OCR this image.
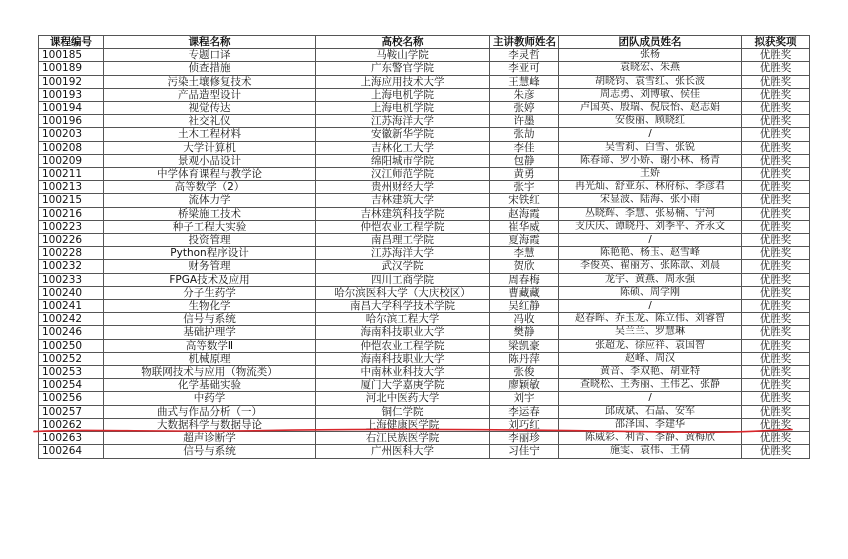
课程编号	课程名称	高校名称	主讲教师姓名	团队成员姓名	拟获奖项
100185	专题口译	马鞍山学院	李灵哲	张杨	优胜奖
100189	侦查措施	广东警官学院	李亚可	袁晓宏、朱燕	优胜奖
100192	污染土壤修复技术	上海应用技术大学	王慧峰	胡晓钧、袁雪红、张长波	优胜奖
100193	产品造型设计	上海电机学院	朱彦	周志勇、刘博敏、侯佳	优胜奖
100194	视觉传达	上海电机学院	张婷	卢国英、殷瑞、倪辰怡、赵志娟	优胜奖
100196	社交礼仪	江苏海洋大学	许墨	安俊丽、顾晓红	优胜奖
100203	土木工程材料	安徽新华学院	张劼	/	优胜奖
100208	大学计算机	吉林化工大学	李佳	吴雪莉、白雪、张锐	优胜奖
100209	景观小品设计	绵阳城市学院	包静	陈春谛、罗小娇、谢小林、杨青	优胜奖
100211	中学体育课程与教学论	汉江师范学院	黄勇	王娇	优胜奖
100213	高等数学（2）	贵州财经大学	张宇	冉光灿、舒亚东、林府标、李彦君	优胜奖
100215	流体力学	吉林建筑大学	宋铁红	宋显波、陆海、张小雨	优胜奖
100216	桥梁施工技术	吉林建筑科技学院	赵海霞	丛晓辉、李慧、张易楠、宁河	优胜奖
100223	种子工程大实验	仲恺农业工程学院	崔华威	支庆庆、谭晓丹、刘季平、齐永文	优胜奖
100226	投资管理	南昌理工学院	夏海霞	/	优胜奖
100228	Python程序设计	江苏海洋大学	李慧	陈艳艳、杨玉、赵雪峰	优胜奖
100232	财务管理	武汉学院	贺欣	李俊英、翟丽芳、张陈歆、刘晨	优胜奖
100233	FPGA技术及应用	四川工商学院	周春梅	龙宇、黄燕、周永强	优胜奖
100240	分子生药学	哈尔滨医科大学（大庆校区）	曹藏藏	陈硕、周学刚	优胜奖
100241	生物化学	南昌大学科学技术学院	吴红静	/	优胜奖
100242	信号与系统	哈尔滨工程大学	冯收	赵春晖、乔玉龙、陈立伟、刘睿智	优胜奖
100246	基础护理学	海南科技职业大学	樊静	吴兰兰、罗慧琳	优胜奖
100250	高等数学Ⅱ	仲恺农业工程学院	梁凯豪	张超龙、徐应祥、袁国智	优胜奖
100252	机械原理	海南科技职业大学	陈丹萍	赵峰、周汉	优胜奖
100253	物联网技术与应用（物流类）	中南林业科技大学	张俊	黄音、李双艳、胡亚特	优胜奖
100254	化学基础实验	厦门大学嘉庚学院	廖颖敏	查晓松、王秀丽、王伟艺、张静	优胜奖
100256	中药学	河北中医药大学	刘宇	/	优胜奖
100257	曲式与作品分析（一）	铜仁学院	李运春	邱成斌、石晶、安军	优胜奖
100262	大数据科学与数据导论	上海健康医学院	刘巧红	邵泽国、李建华	优胜奖
100263	超声诊断学	右江民族医学院	李丽珍	陈威彩、利青、李静、黄梅欣	优胜奖
100264	信号与系统	广州医科大学	习佳宁	施雯、袁伟、王倩	优胜奖
